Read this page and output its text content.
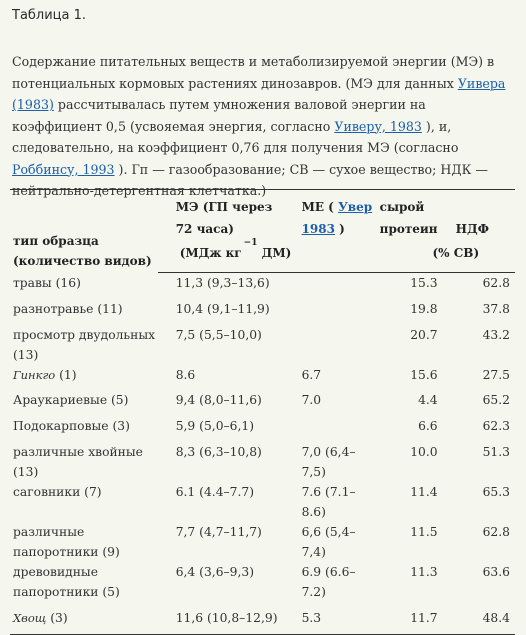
Таблица 1.
Содержание питательных веществ и метаболизируемой энергии (МЭ) в потенциальных кормовых растениях динозавров. (МЭ для данных Уивера (1983) рассчитывалась путем умножения валовой энергии на коэффициент 0,5 (усвояемая энергия, согласно Уиверу, 1983 ), и, следовательно, на коэффициент 0,76 для получения МЭ (согласно Роббинсу, 1993 ). Гп — газообразование; СВ — сухое вещество; НДК — нейтрально-детергентная клетчатка.)
тип образца (количество видов)	МЭ (ГП через 72 часа)	ME ( Увер 1983 )	сырой протеин	НДФ
	(МДж $кг^{-1}$ ДМ)		(% СВ)	
травы (16)	11,3 (9,3–13,6)		15.3	62.8
разнотравье (11)	10,4 (9,1–11,9)		19.8	37.8
просмотр двудольных (13)	7,5 (5,5–10,0)		20.7	43.2
Гинкго (1)	8.6	6.7	15.6	27.5
Араукариевые (5)	9,4 (8,0–11,6)	7.0	4.4	65.2
Подокарповые (3)	5,9 (5,0–6,1)		6.6	62.3
различные хвойные (13)	8,3 (6,3–10,8)	7,0 (6,4–7,5)	10.0	51.3
саговники (7)	6.1 (4.4–7.7)	7.6 (7.1–8.6)	11.4	65.3
различные папоротники (9)	7,7 (4,7–11,7)	6,6 (5,4–7,4)	11.5	62.8
древовидные папоротники (5)	6,4 (3,6–9,3)	6.9 (6.6–7.2)	11.3	63.6
Хвощ (3)	11,6 (10,8–12,9)	5.3	11.7	48.4
